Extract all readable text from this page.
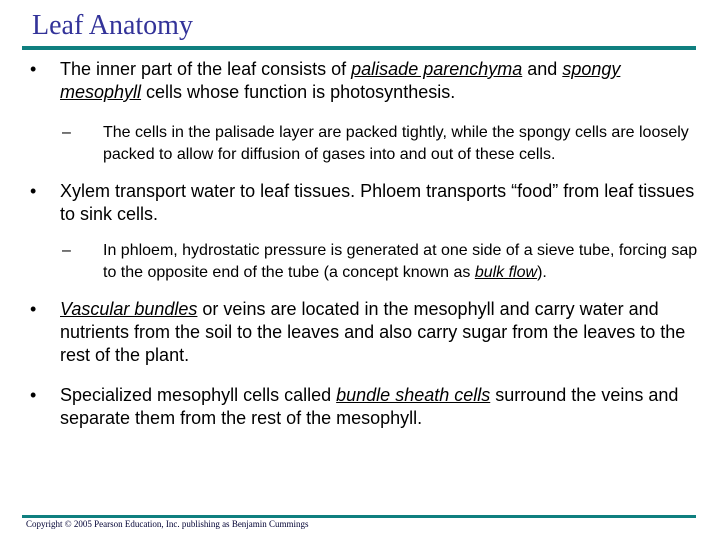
Leaf Anatomy
• The inner part of the leaf consists of palisade parenchyma and spongy mesophyll cells whose function is photosynthesis.
– The cells in the palisade layer are packed tightly, while the spongy cells are loosely packed to allow for diffusion of gases into and out of these cells.
• Xylem transport water to leaf tissues. Phloem transports “food” from leaf tissues to sink cells.
– In phloem, hydrostatic pressure is generated at one side of a sieve tube, forcing sap to the opposite end of the tube (a concept known as bulk flow).
• Vascular bundles or veins are located in the mesophyll and carry water and nutrients from the soil to the leaves and also carry sugar from the leaves to the rest of the plant.
• Specialized mesophyll cells called bundle sheath cells surround the veins and separate them from the rest of the mesophyll.
Copyright © 2005 Pearson Education, Inc. publishing as Benjamin Cummings
